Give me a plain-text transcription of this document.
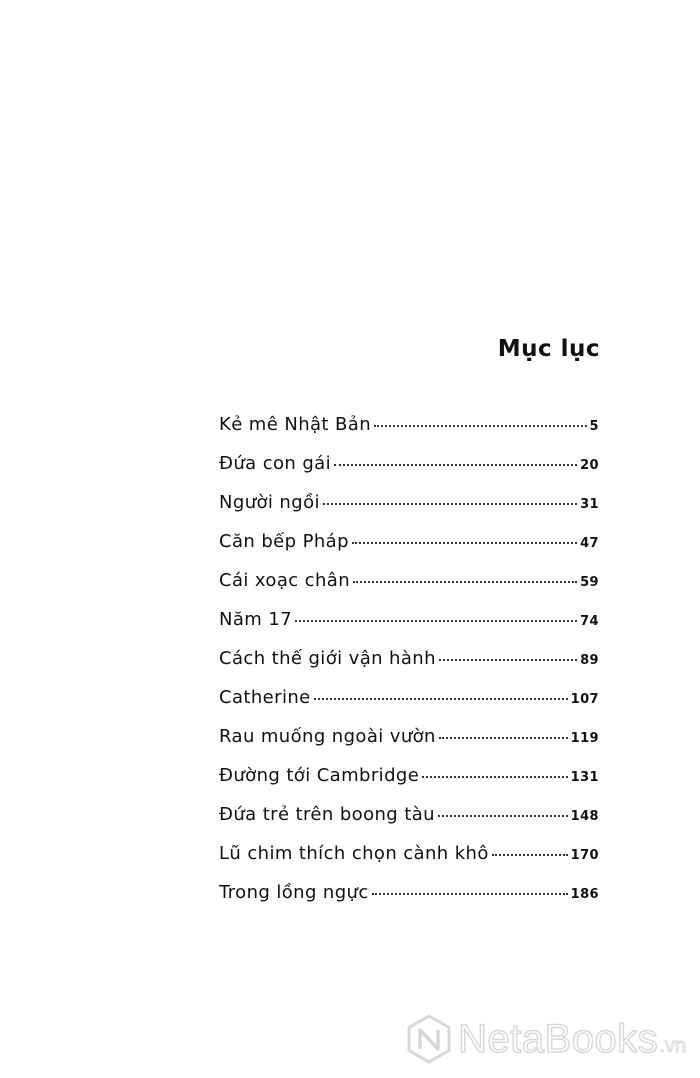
Mục lục
Kẻ mê Nhật Bản	5
Đứa con gái	20
Người ngồi	31
Căn bếp Pháp	47
Cái xoạc chân	59
Năm 17	74
Cách thế giới vận hành	89
Catherine	107
Rau muống ngoài vườn	119
Đường tới Cambridge	131
Đứa trẻ trên boong tàu	148
Lũ chim thích chọn cành khô	170
Trong lồng ngực	186
NetaBooks .vn
